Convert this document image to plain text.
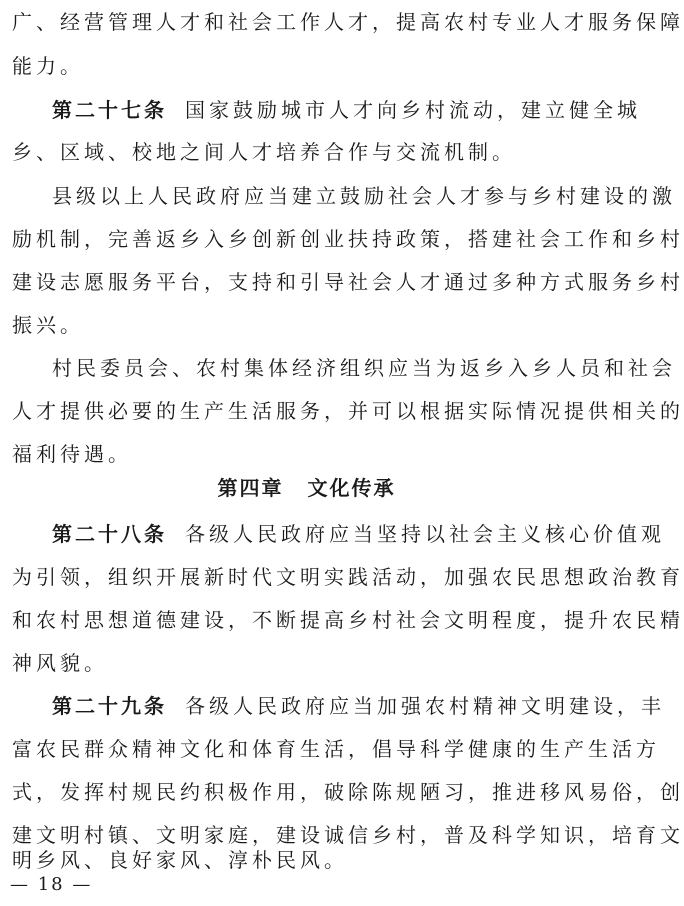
广、经营管理人才和社会工作人才，提高农村专业人才服务保障
能力。
第二十七条 国家鼓励城市人才向乡村流动，建立健全城
乡、区域、校地之间人才培养合作与交流机制。
县级以上人民政府应当建立鼓励社会人才参与乡村建设的激
励机制，完善返乡入乡创新创业扶持政策，搭建社会工作和乡村
建设志愿服务平台，支持和引导社会人才通过多种方式服务乡村
振兴。
村民委员会、农村集体经济组织应当为返乡入乡人员和社会
人才提供必要的生产生活服务，并可以根据实际情况提供相关的
福利待遇。
第四章 文化传承
第二十八条 各级人民政府应当坚持以社会主义核心价值观
为引领，组织开展新时代文明实践活动，加强农民思想政治教育
和农村思想道德建设，不断提高乡村社会文明程度，提升农民精
神风貌。
第二十九条 各级人民政府应当加强农村精神文明建设，丰
富农民群众精神文化和体育生活，倡导科学健康的生产生活方
式，发挥村规民约积极作用，破除陈规陋习，推进移风易俗，创
建文明村镇、文明家庭，建设诚信乡村，普及科学知识，培育文
明乡风、良好家风、淳朴民风。
— 18 —
